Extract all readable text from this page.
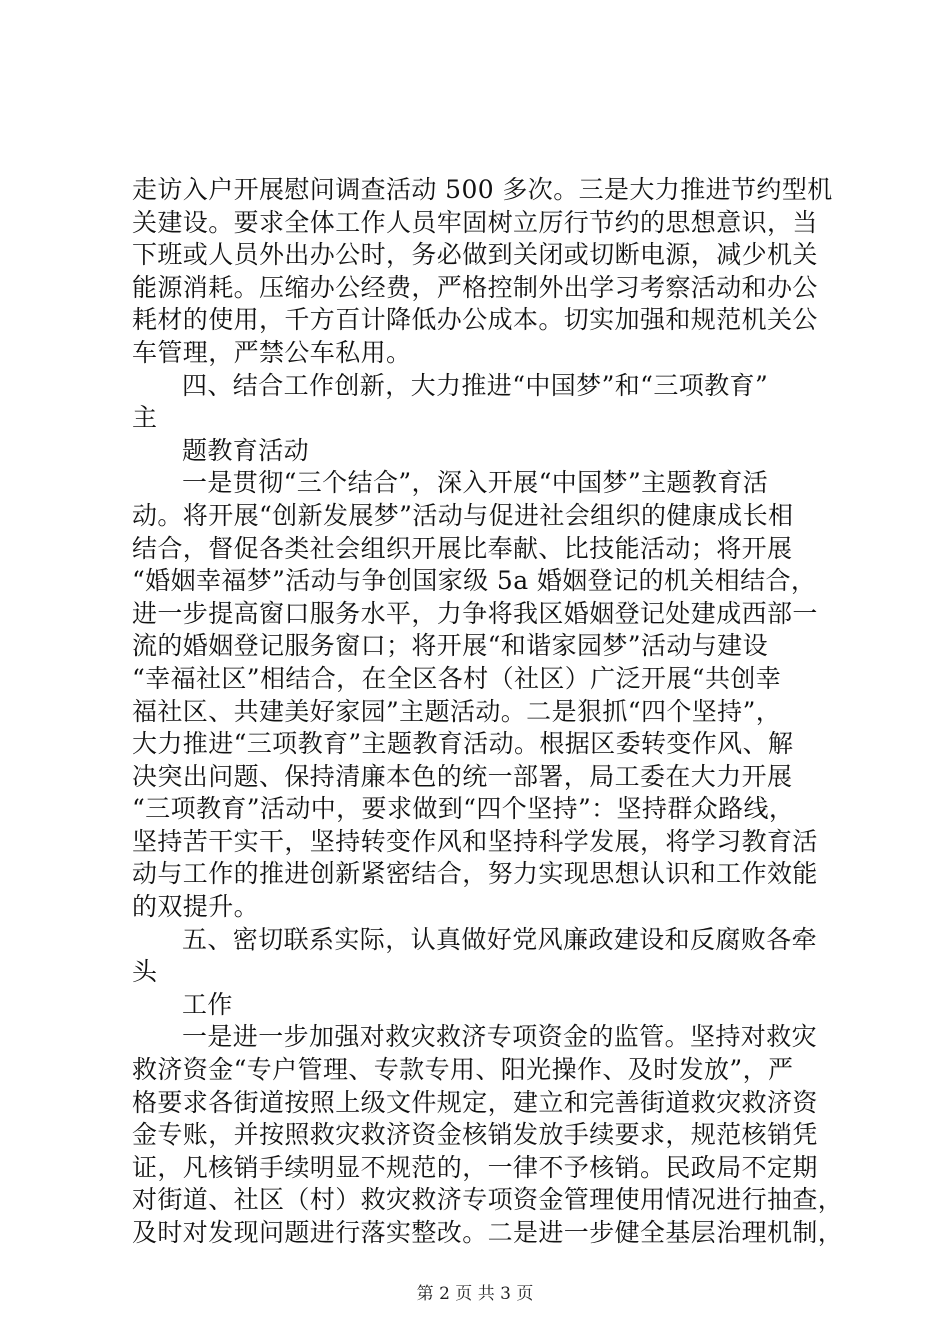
走访入户开展慰问调查活动 500 多次。三是大力推进节约型机
关建设。要求全体工作人员牢固树立厉行节约的思想意识，当
下班或人员外出办公时，务必做到关闭或切断电源，减少机关
能源消耗。压缩办公经费，严格控制外出学习考察活动和办公
耗材的使用，千方百计降低办公成本。切实加强和规范机关公
车管理，严禁公车私用。
四、结合工作创新，大力推进“中国梦”和“三项教育”
主
题教育活动
一是贯彻“三个结合”，深入开展“中国梦”主题教育活
动。将开展“创新发展梦”活动与促进社会组织的健康成长相
结合，督促各类社会组织开展比奉献、比技能活动；将开展
“婚姻幸福梦”活动与争创国家级 5a 婚姻登记的机关相结合，
进一步提高窗口服务水平，力争将我区婚姻登记处建成西部一
流的婚姻登记服务窗口；将开展“和谐家园梦”活动与建设
“幸福社区”相结合，在全区各村（社区）广泛开展“共创幸
福社区、共建美好家园”主题活动。二是狠抓“四个坚持”，
大力推进“三项教育”主题教育活动。根据区委转变作风、解
决突出问题、保持清廉本色的统一部署，局工委在大力开展
“三项教育”活动中，要求做到“四个坚持”：坚持群众路线，
坚持苦干实干，坚持转变作风和坚持科学发展，将学习教育活
动与工作的推进创新紧密结合，努力实现思想认识和工作效能
的双提升。
五、密切联系实际，认真做好党风廉政建设和反腐败各牵
头
工作
一是进一步加强对救灾救济专项资金的监管。坚持对救灾
救济资金“专户管理、专款专用、阳光操作、及时发放”，严
格要求各街道按照上级文件规定，建立和完善街道救灾救济资
金专账，并按照救灾救济资金核销发放手续要求，规范核销凭
证，凡核销手续明显不规范的，一律不予核销。民政局不定期
对街道、社区（村）救灾救济专项资金管理使用情况进行抽查，
及时对发现问题进行落实整改。二是进一步健全基层治理机制，
第 2 页 共 3 页
